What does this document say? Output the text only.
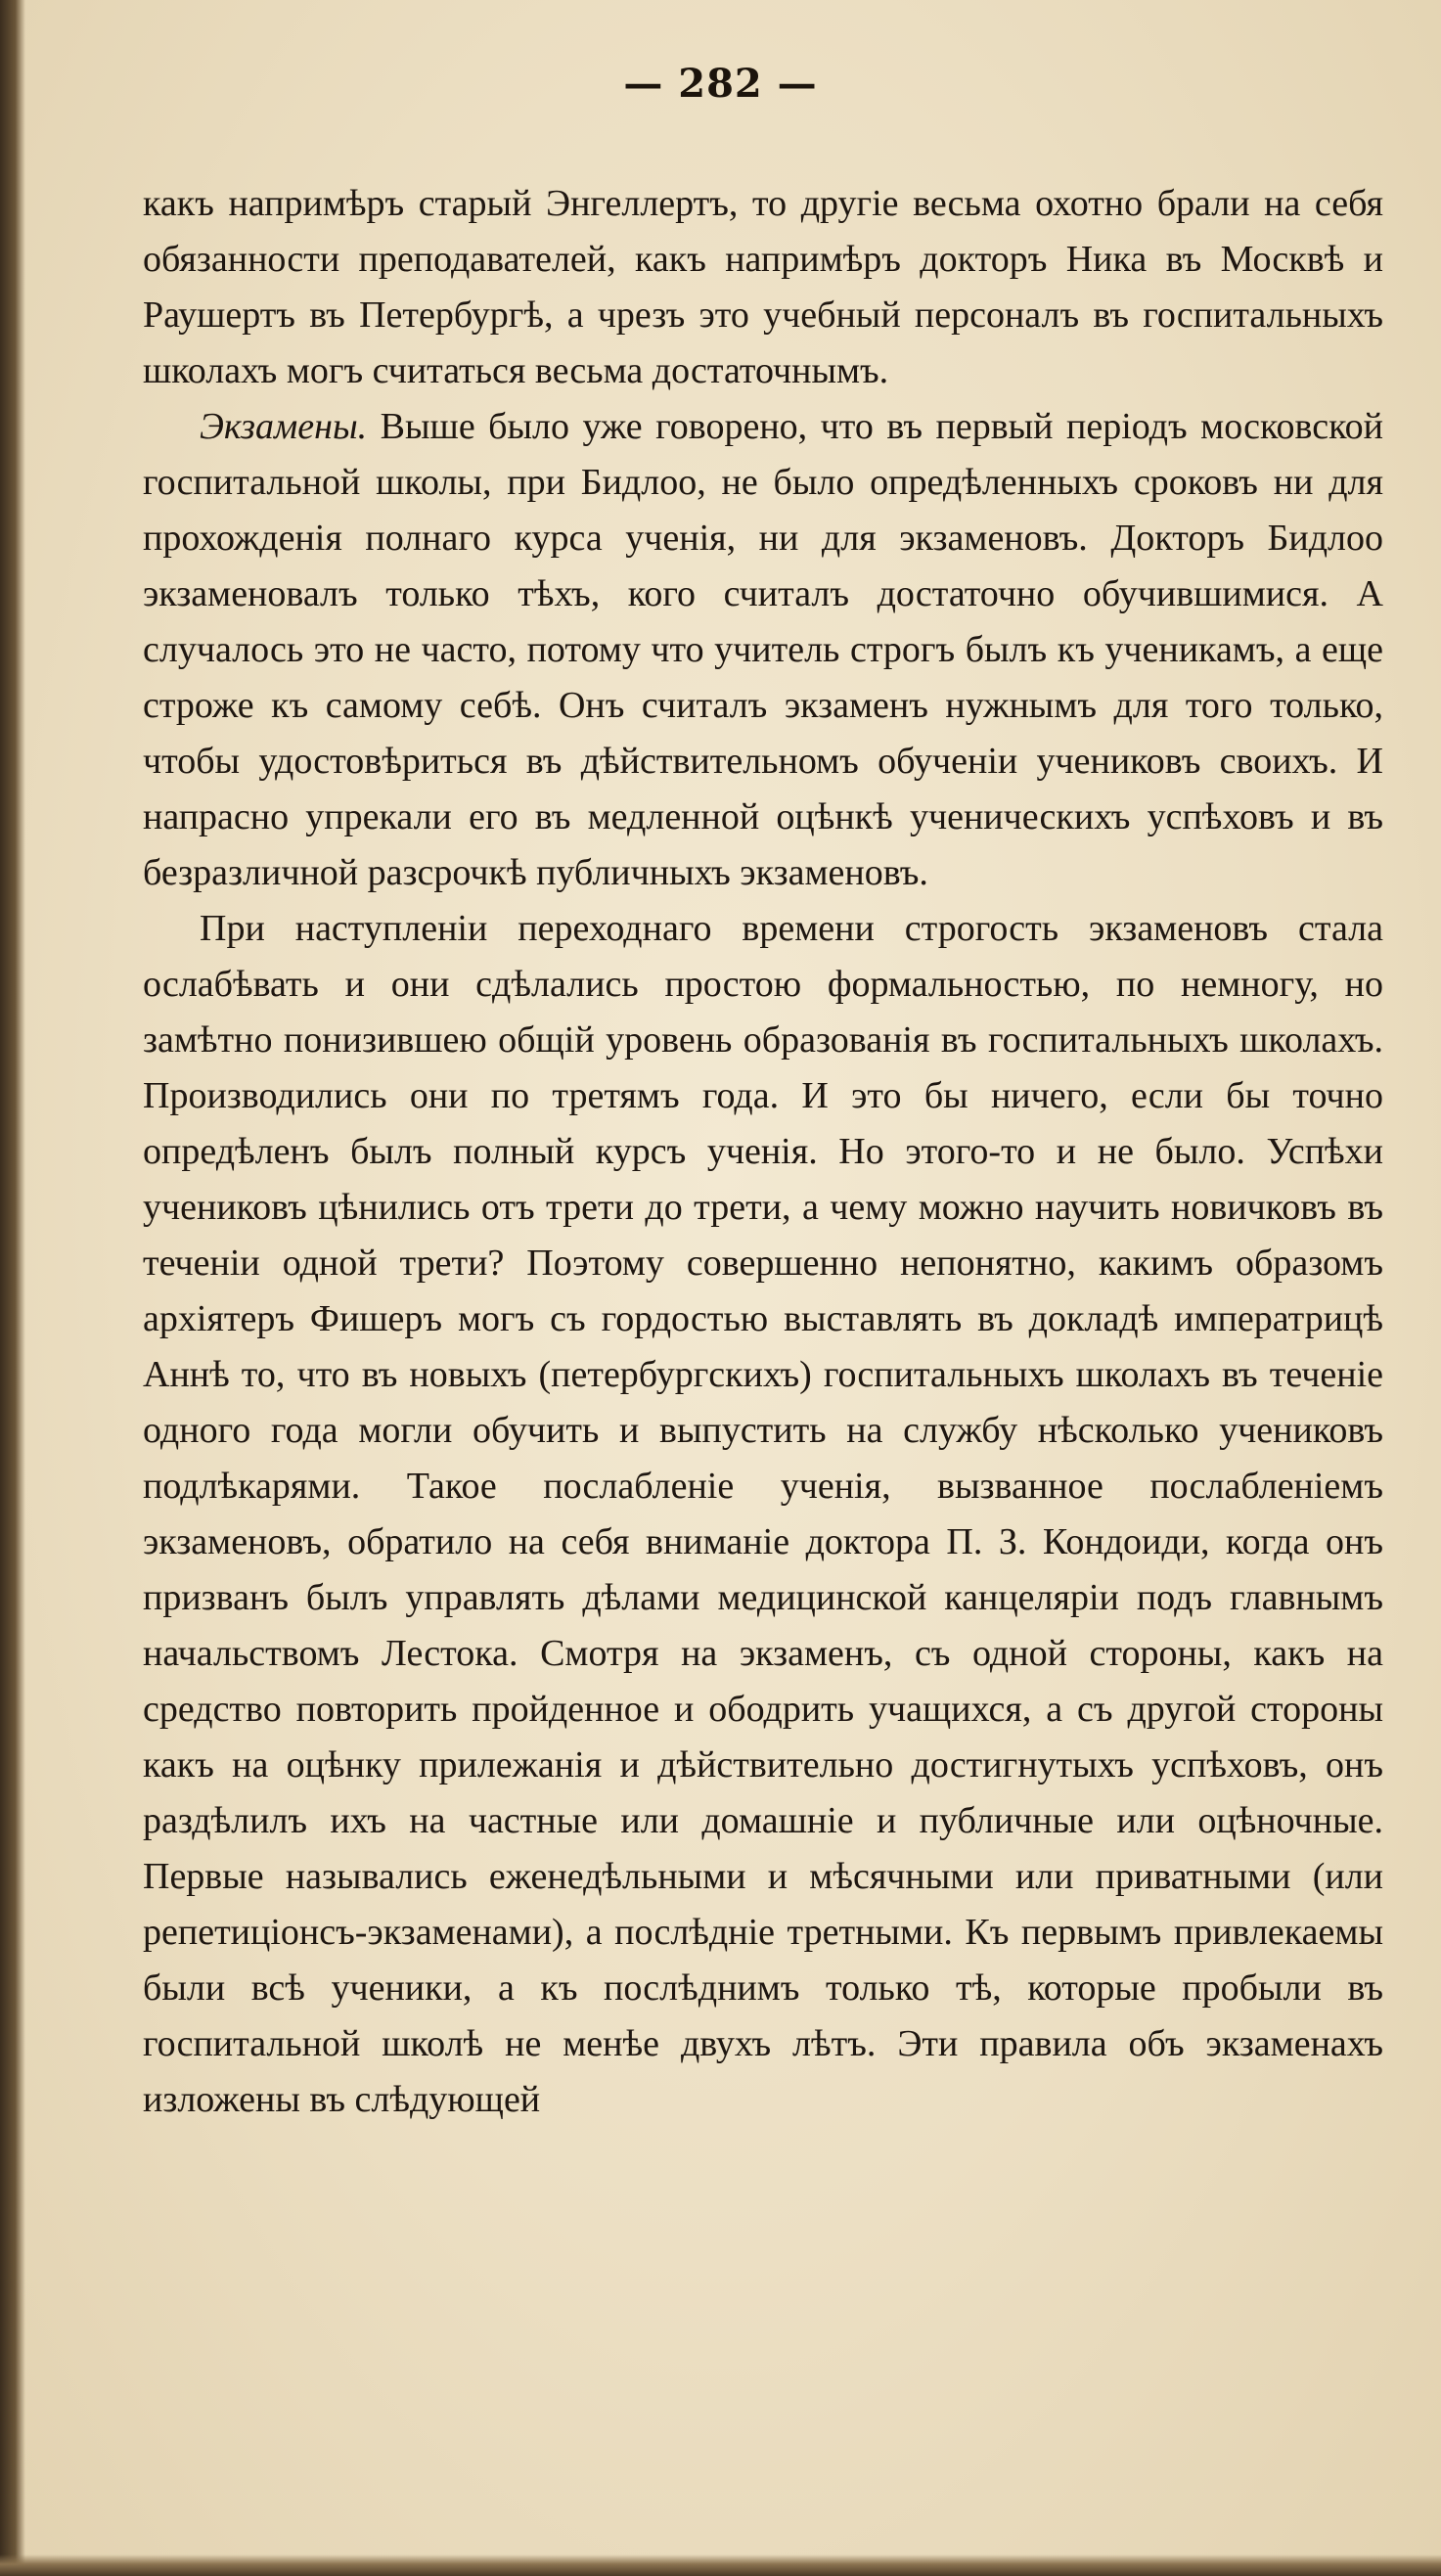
— 282 —

какъ напримѣръ старый Энгеллертъ, то другіе весьма охотно брали на себя обязанности преподавателей, какъ напримѣръ докторъ Ника въ Москвѣ и Раушертъ въ Петербургѣ, а чрезъ это учебный персоналъ въ госпитальныхъ школахъ могъ считаться весьма достаточнымъ.

Экзамены. Выше было уже говорено, что въ первый періодъ московской госпитальной школы, при Бидлоо, не было опредѣленныхъ сроковъ ни для прохожденія полнаго курса ученія, ни для экзаменовъ. Докторъ Бидлоо экзаменовалъ только тѣхъ, кого считалъ достаточно обучившимися. А случалось это не часто, потому что учитель строгъ былъ къ ученикамъ, а еще строже къ самому себѣ. Онъ считалъ экзаменъ нужнымъ для того только, чтобы удостовѣриться въ дѣйствительномъ обученіи учениковъ своихъ. И напрасно упрекали его въ медленной оцѣнкѣ ученическихъ успѣховъ и въ безразличной разсрочкѣ публичныхъ экзаменовъ.

При наступленіи переходнаго времени строгость экзаменовъ стала ослабѣвать и они сдѣлались простою формальностью, по немногу, но замѣтно понизившею общій уровень образованія въ госпитальныхъ школахъ. Производились они по третямъ года. И это бы ничего, если бы точно опредѣленъ былъ полный курсъ ученія. Но этого-то и не было. Успѣхи учениковъ цѣнились отъ трети до трети, а чему можно научить новичковъ въ теченіи одной трети? Поэтому совершенно непонятно, какимъ образомъ архіятеръ Фишеръ могъ съ гордостью выставлять въ докладѣ императрицѣ Аннѣ то, что въ новыхъ (петербургскихъ) госпитальныхъ школахъ въ теченіе одного года могли обучить и выпустить на службу нѣсколько учениковъ подлѣкарями. Такое послабленіе ученія, вызванное послабленіемъ экзаменовъ, обратило на себя вниманіе доктора П. З. Кондоиди, когда онъ призванъ былъ управлять дѣлами медицинской канцеляріи подъ главнымъ начальствомъ Лестока. Смотря на экзаменъ, съ одной стороны, какъ на средство повторить пройденное и ободрить учащихся, а съ другой стороны какъ на оцѣнку прилежанія и дѣйствительно достигнутыхъ успѣховъ, онъ раздѣлилъ ихъ на частные или домашніе и публичные или оцѣночные. Первые назывались еженедѣльными и мѣсячными или приватными (или репетиціонсъ-экзаменами), а послѣдніе третными. Къ первымъ привлекаемы были всѣ ученики, а къ послѣднимъ только тѣ, которые пробыли въ госпитальной школѣ не менѣе двухъ лѣтъ. Эти правила объ экзаменахъ изложены въ слѣдующей
